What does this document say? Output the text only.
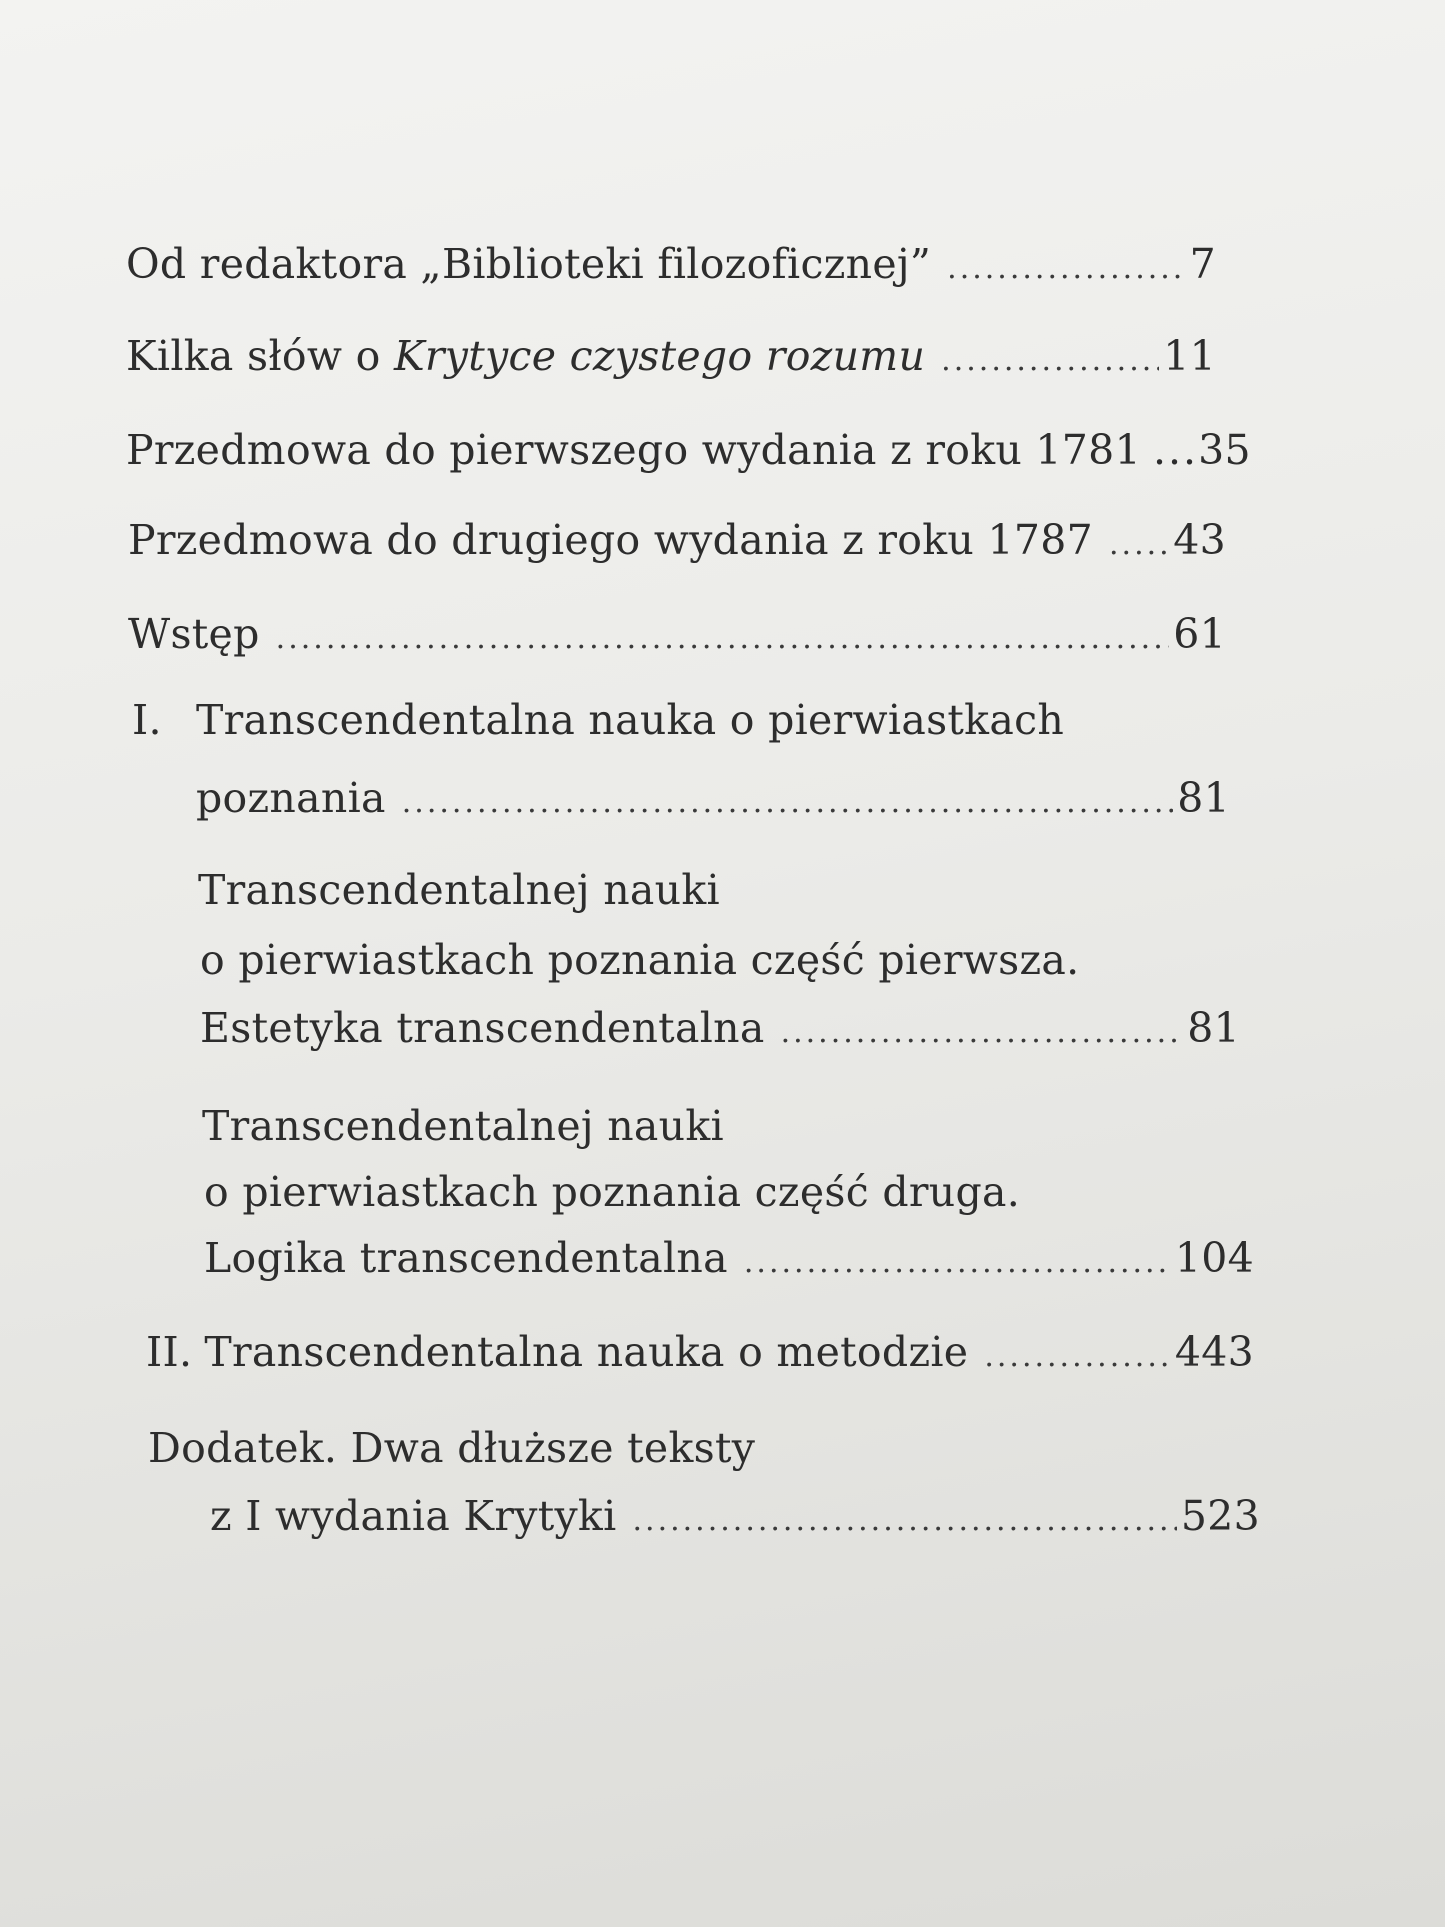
Od redaktora „Biblioteki filozoficznej” .....	7
Kilka słów o Krytyce czystego rozumu .....	11
Przedmowa do pierwszego wydania z roku 1781 ... 35
Przedmowa do drugiego wydania z roku 1787 ..... 43
Wstęp .....	61
I. Transcendentalna nauka o pierwiastkach
poznania .....	81
Transcendentalnej nauki
o pierwiastkach poznania część pierwsza.
Estetyka transcendentalna .....	81
Transcendentalnej nauki
o pierwiastkach poznania część druga.
Logika transcendentalna .....	104
II. Transcendentalna nauka o metodzie .....	443
Dodatek. Dwa dłuższe teksty
z I wydania Krytyki .....	523
